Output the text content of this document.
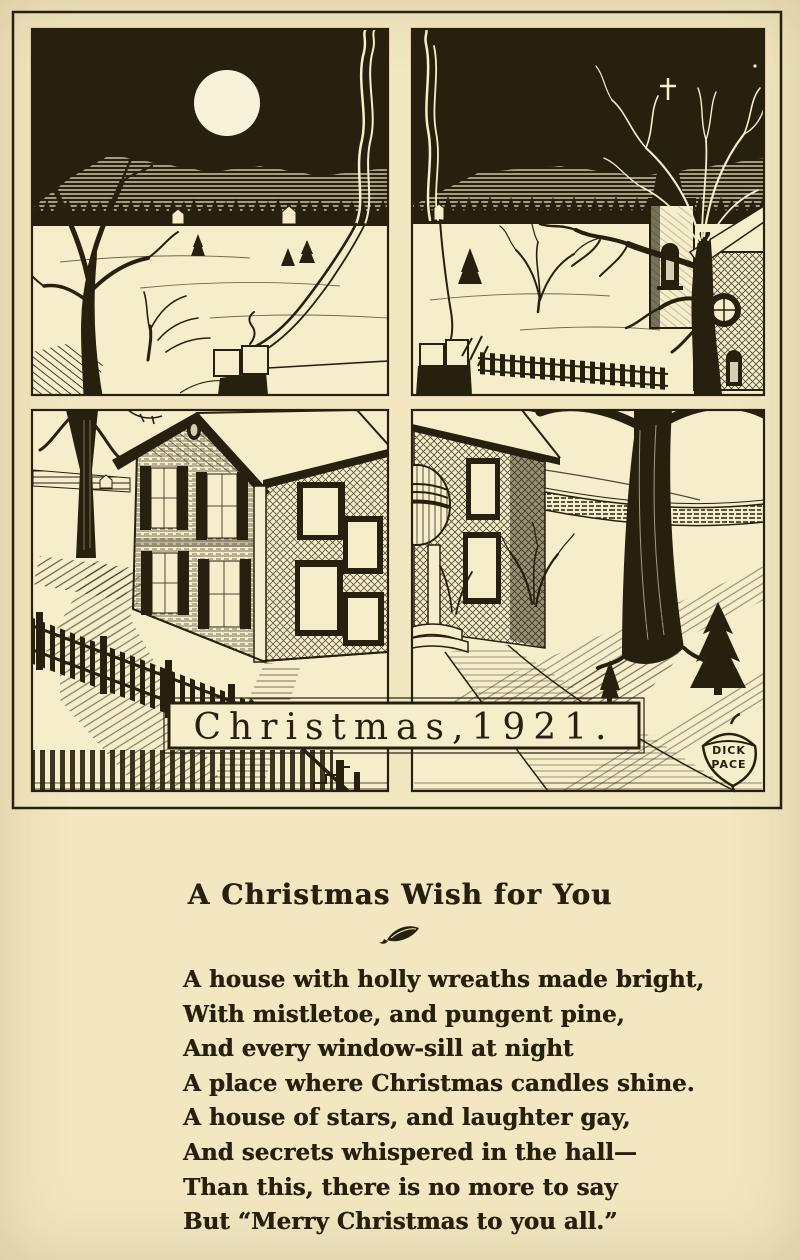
Christmas,1921.
DICK
PACE
A Christmas Wish for You
A house with holly wreaths made bright,
With mistletoe, and pungent pine,
And every window-sill at night
A place where Christmas candles shine.
A house of stars, and laughter gay,
And secrets whispered in the hall—
Than this, there is no more to say
But “Merry Christmas to you all.”
